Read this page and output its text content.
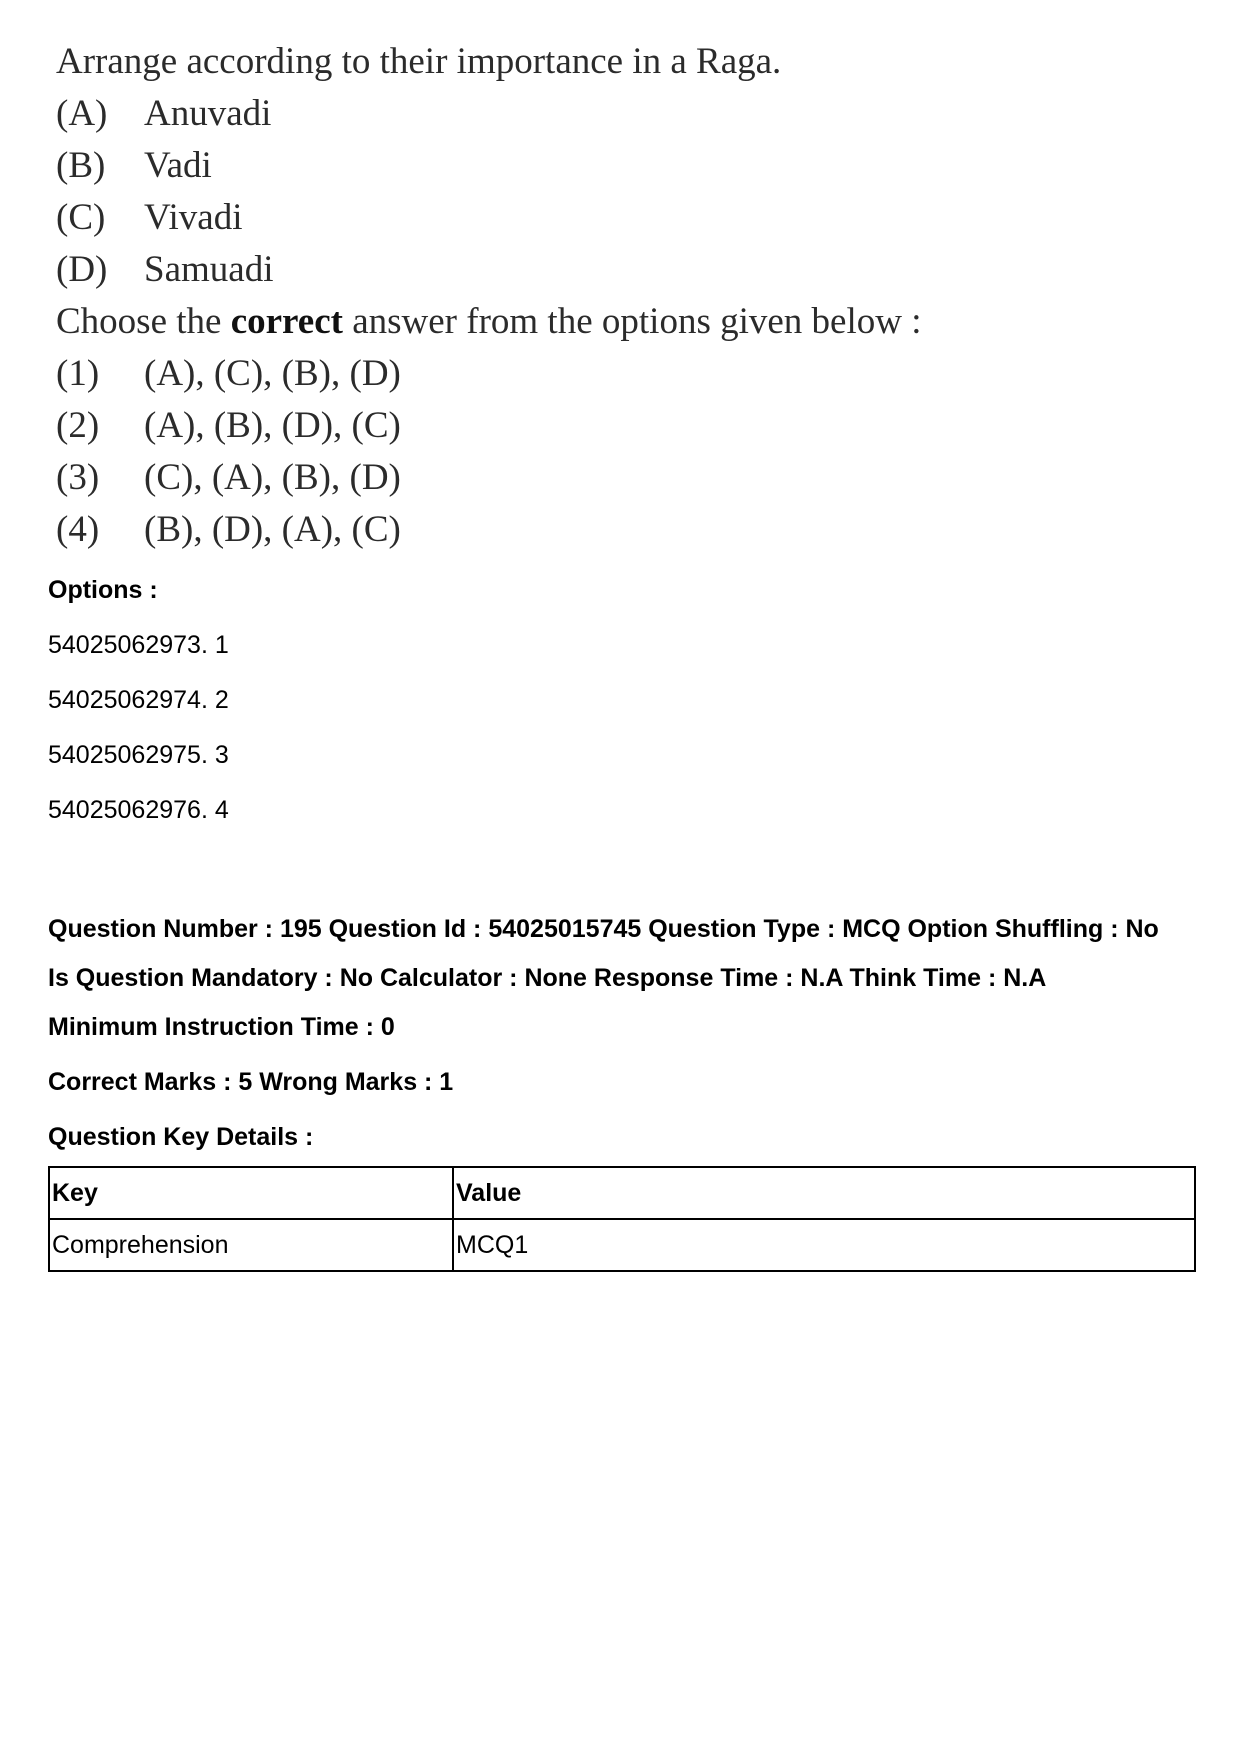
Arrange according to their importance in a Raga.
(A) Anuvadi
(B)	Vadi
(C)	Vivadi
(D) Samuadi
Choose the correct answer from the options given below :
(1)	(A), (C), (B), (D)
(2)	(A), (B), (D), (C)
(3)	(C), (A), (B), (D)
(4)	(B), (D), (A), (C)
Options :
54025062973. 1
54025062974. 2
54025062975. 3
54025062976. 4
Question Number : 195 Question Id : 54025015745 Question Type : MCQ Option Shuffling : No
Is Question Mandatory : No Calculator : None Response Time : N.A Think Time : N.A
Minimum Instruction Time : 0
Correct Marks : 5 Wrong Marks : 1
Question Key Details :
Key	Value
Comprehension	MCQ1
